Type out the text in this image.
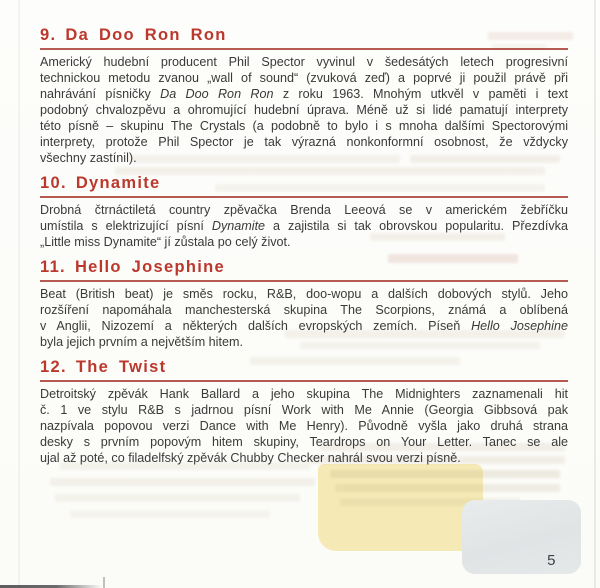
9. Da Doo Ron Ron
Americký hudební producent Phil Spector vyvinul v šedesátých letech progresivní
technickou metodu zvanou „wall of sound“ (zvuková zeď) a poprvé ji použil právě při
nahrávání písničky Da Doo Ron Ron z roku 1963. Mnohým utkvěl v paměti i text
podobný chvalozpěvu a ohromující hudební úprava. Méně už si lidé pamatují interprety
této písně – skupinu The Crystals (a podobně to bylo i s mnoha dalšími Spectorovými
interprety, protože Phil Spector je tak výrazná nonkonformní osobnost, že vždycky
všechny zastínil).
10. Dynamite
Drobná čtrnáctiletá country zpěvačka Brenda Leeová se v americkém žebříčku
umístila s elektrizující písní Dynamite a zajistila si tak obrovskou popularitu. Přezdívka
„Little miss Dynamite“ jí zůstala po celý život.
11. Hello Josephine
Beat (British beat) je směs rocku, R&B, doo-wopu a dalších dobových stylů. Jeho
rozšíření napomáhala manchesterská skupina The Scorpions, známá a oblíbená
v Anglii, Nizozemí a některých dalších evropských zemích. Píseň Hello Josephine
byla jejich prvním a největším hitem.
12. The Twist
Detroitský zpěvák Hank Ballard a jeho skupina The Midnighters zaznamenali hit
č. 1 ve stylu R&B s jadrnou písní Work with Me Annie (Georgia Gibbsová pak
nazpívala popovou verzi Dance with Me Henry). Původně vyšla jako druhá strana
desky s prvním popovým hitem skupiny, Teardrops on Your Letter. Tanec se ale
ujal až poté, co filadelfský zpěvák Chubby Checker nahrál svou verzi písně.
5
